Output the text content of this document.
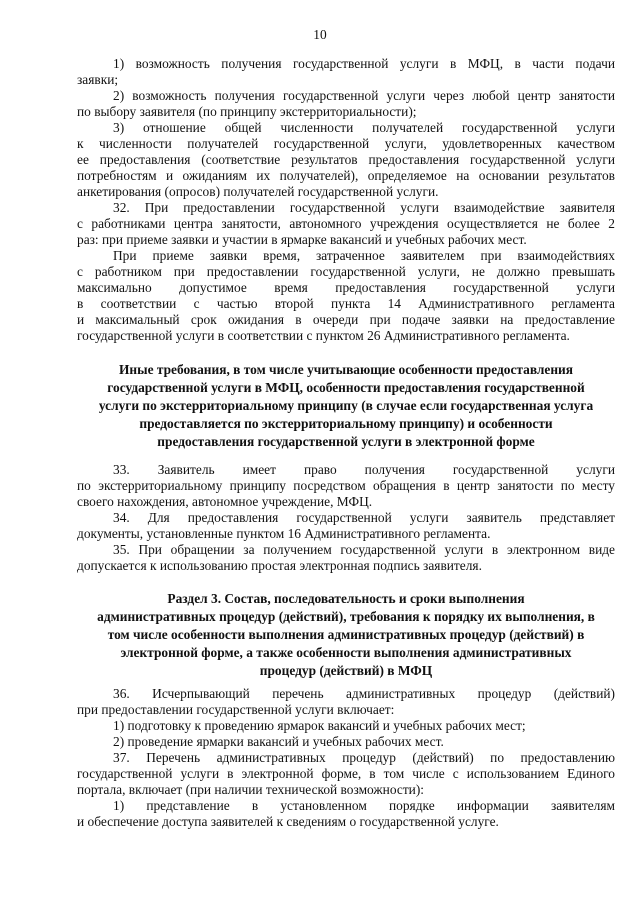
10
1) возможность получения государственной услуги в МФЦ, в части подачи
заявки;
2) возможность получения государственной услуги через любой центр занятости
по выбору заявителя (по принципу экстерриториальности);
3) отношение общей численности получателей государственной услуги
к численности получателей государственной услуги, удовлетворенных качеством
ее предоставления (соответствие результатов предоставления государственной услуги
потребностям и ожиданиям их получателей), определяемое на основании результатов
анкетирования (опросов) получателей государственной услуги.
32. При предоставлении государственной услуги взаимодействие заявителя
с работниками центра занятости, автономного учреждения осуществляется не более 2
раз: при приеме заявки и участии в ярмарке вакансий и учебных рабочих мест.
При приеме заявки время, затраченное заявителем при взаимодействиях
с работником при предоставлении государственной услуги, не должно превышать
максимально допустимое время предоставления государственной услуги
в соответствии с частью второй пункта 14 Административного регламента
и максимальный срок ожидания в очереди при подаче заявки на предоставление
государственной услуги в соответствии с пунктом 26 Административного регламента.
Иные требования, в том числе учитывающие особенности предоставления
государственной услуги в МФЦ, особенности предоставления государственной
услуги по экстерриториальному принципу (в случае если государственная услуга
предоставляется по экстерриториальному принципу) и особенности
предоставления государственной услуги в электронной форме
33. Заявитель имеет право получения государственной услуги
по экстерриториальному принципу посредством обращения в центр занятости по месту
своего нахождения, автономное учреждение, МФЦ.
34. Для предоставления государственной услуги заявитель представляет
документы, установленные пунктом 16 Административного регламента.
35. При обращении за получением государственной услуги в электронном виде
допускается к использованию простая электронная подпись заявителя.
Раздел 3. Состав, последовательность и сроки выполнения
административных процедур (действий), требования к порядку их выполнения, в
том числе особенности выполнения административных процедур (действий) в
электронной форме, а также особенности выполнения административных
процедур (действий) в МФЦ
36. Исчерпывающий перечень административных процедур (действий)
при предоставлении государственной услуги включает:
1) подготовку к проведению ярмарок вакансий и учебных рабочих мест;
2) проведение ярмарки вакансий и учебных рабочих мест.
37. Перечень административных процедур (действий) по предоставлению
государственной услуги в электронной форме, в том числе с использованием Единого
портала, включает (при наличии технической возможности):
1) представление в установленном порядке информации заявителям
и обеспечение доступа заявителей к сведениям о государственной услуге.
